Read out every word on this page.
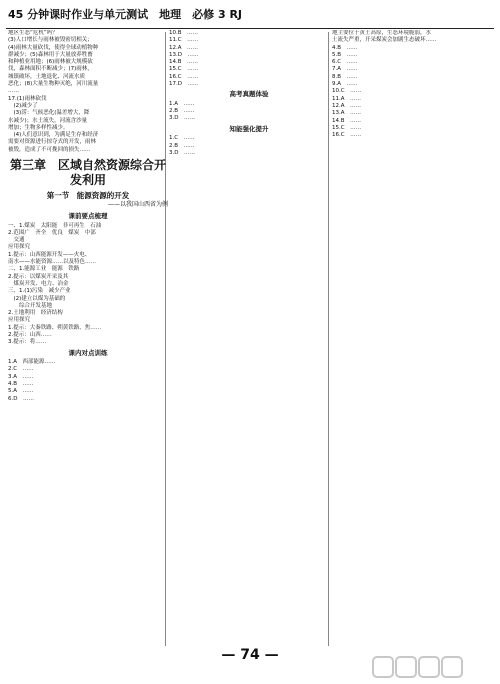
45 分钟课时作业与单元测试　地理　必修 3 RJ

地区生态“危机”吗？

(3)人口增长与雨林被毁密切相关；

(4)雨林大量砍伐，使得全球动植物种

群减少；(5)森林用于大量放养牲畜

和种植业用地；(6)雨林被大规模砍

伐，森林面积不断减少；(7)雨林，

城镇破坏，土地退化、河流水质

恶化；(8)大量生物种灭绝，河川流量

……

17.(1)雨林砍伐

　(2)减少了

　(3)涝：气候恶化(温差增大，降

水减少)；水土流失，河流含沙量

增加；生物多样性减少。

　(4)人们意识到，为满足生存和经济

需要对资源进行掠夺式的开发，雨林

被毁，造成了不可挽回的损失……

第三章　区域自然资源综合开发利用
第一节　能源资源的开发
——以我国山西省为例
课前要点梳理

一、1.煤炭　太阳能　非可再生　石油

2.范围广　齐全　优良　煤炭　中部

　交通

应用探究

1.提示：山西能源开发——火电、

南水——水能资源……以及特色……

二、1.能源工业　能源　铁路　

2.提示：以煤炭开采及其

　煤炭开发、电力、冶金

三、1.(1)污染　减少产业

　(2)建立以煤为基础的

　　综合开发基地

2.土地利用　经济结构

应用探究

1.提示：大秦铁路、朔黄铁路、焦……

2.提示：山西……

3.提示：将……

课内对点训练

1.A　西部能源……

2.C　……

3.A　……

4.B　……

5.A　……

6.D　……

10.B　……

11.C　……

12.A　……

13.D　……

14.B　……

15.C　……

16.C　……

17.D　……

高考真题体验

1.A　……

2.B　……

3.D　……

知能强化提升

1.C　……

2.B　……

3.D　……

地主要位于黄土高原，生态环境脆弱，水

土流失严重，开采煤炭会加剧生态破坏……

4.B　……

5.B　……

6.C　……

7.A　……

8.B　……

9.A　……

10.C　……

11.A　……

12.A　……

13.A　……

14.B　……

15.C　……

16.C　……

— 74 —
